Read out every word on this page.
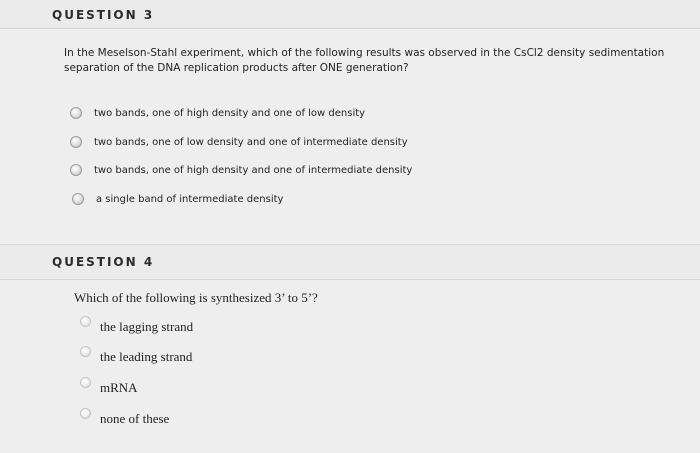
QUESTION 3
In the Meselson-Stahl experiment, which of the following results was observed in the CsCl2 density sedimentation
separation of the DNA replication products after ONE generation?
two bands, one of high density and one of low density
two bands, one of low density and one of intermediate density
two bands, one of high density and one of intermediate density
a single band of intermediate density
QUESTION 4
Which of the following is synthesized 3’ to 5’?
the lagging strand
the leading strand
mRNA
none of these
